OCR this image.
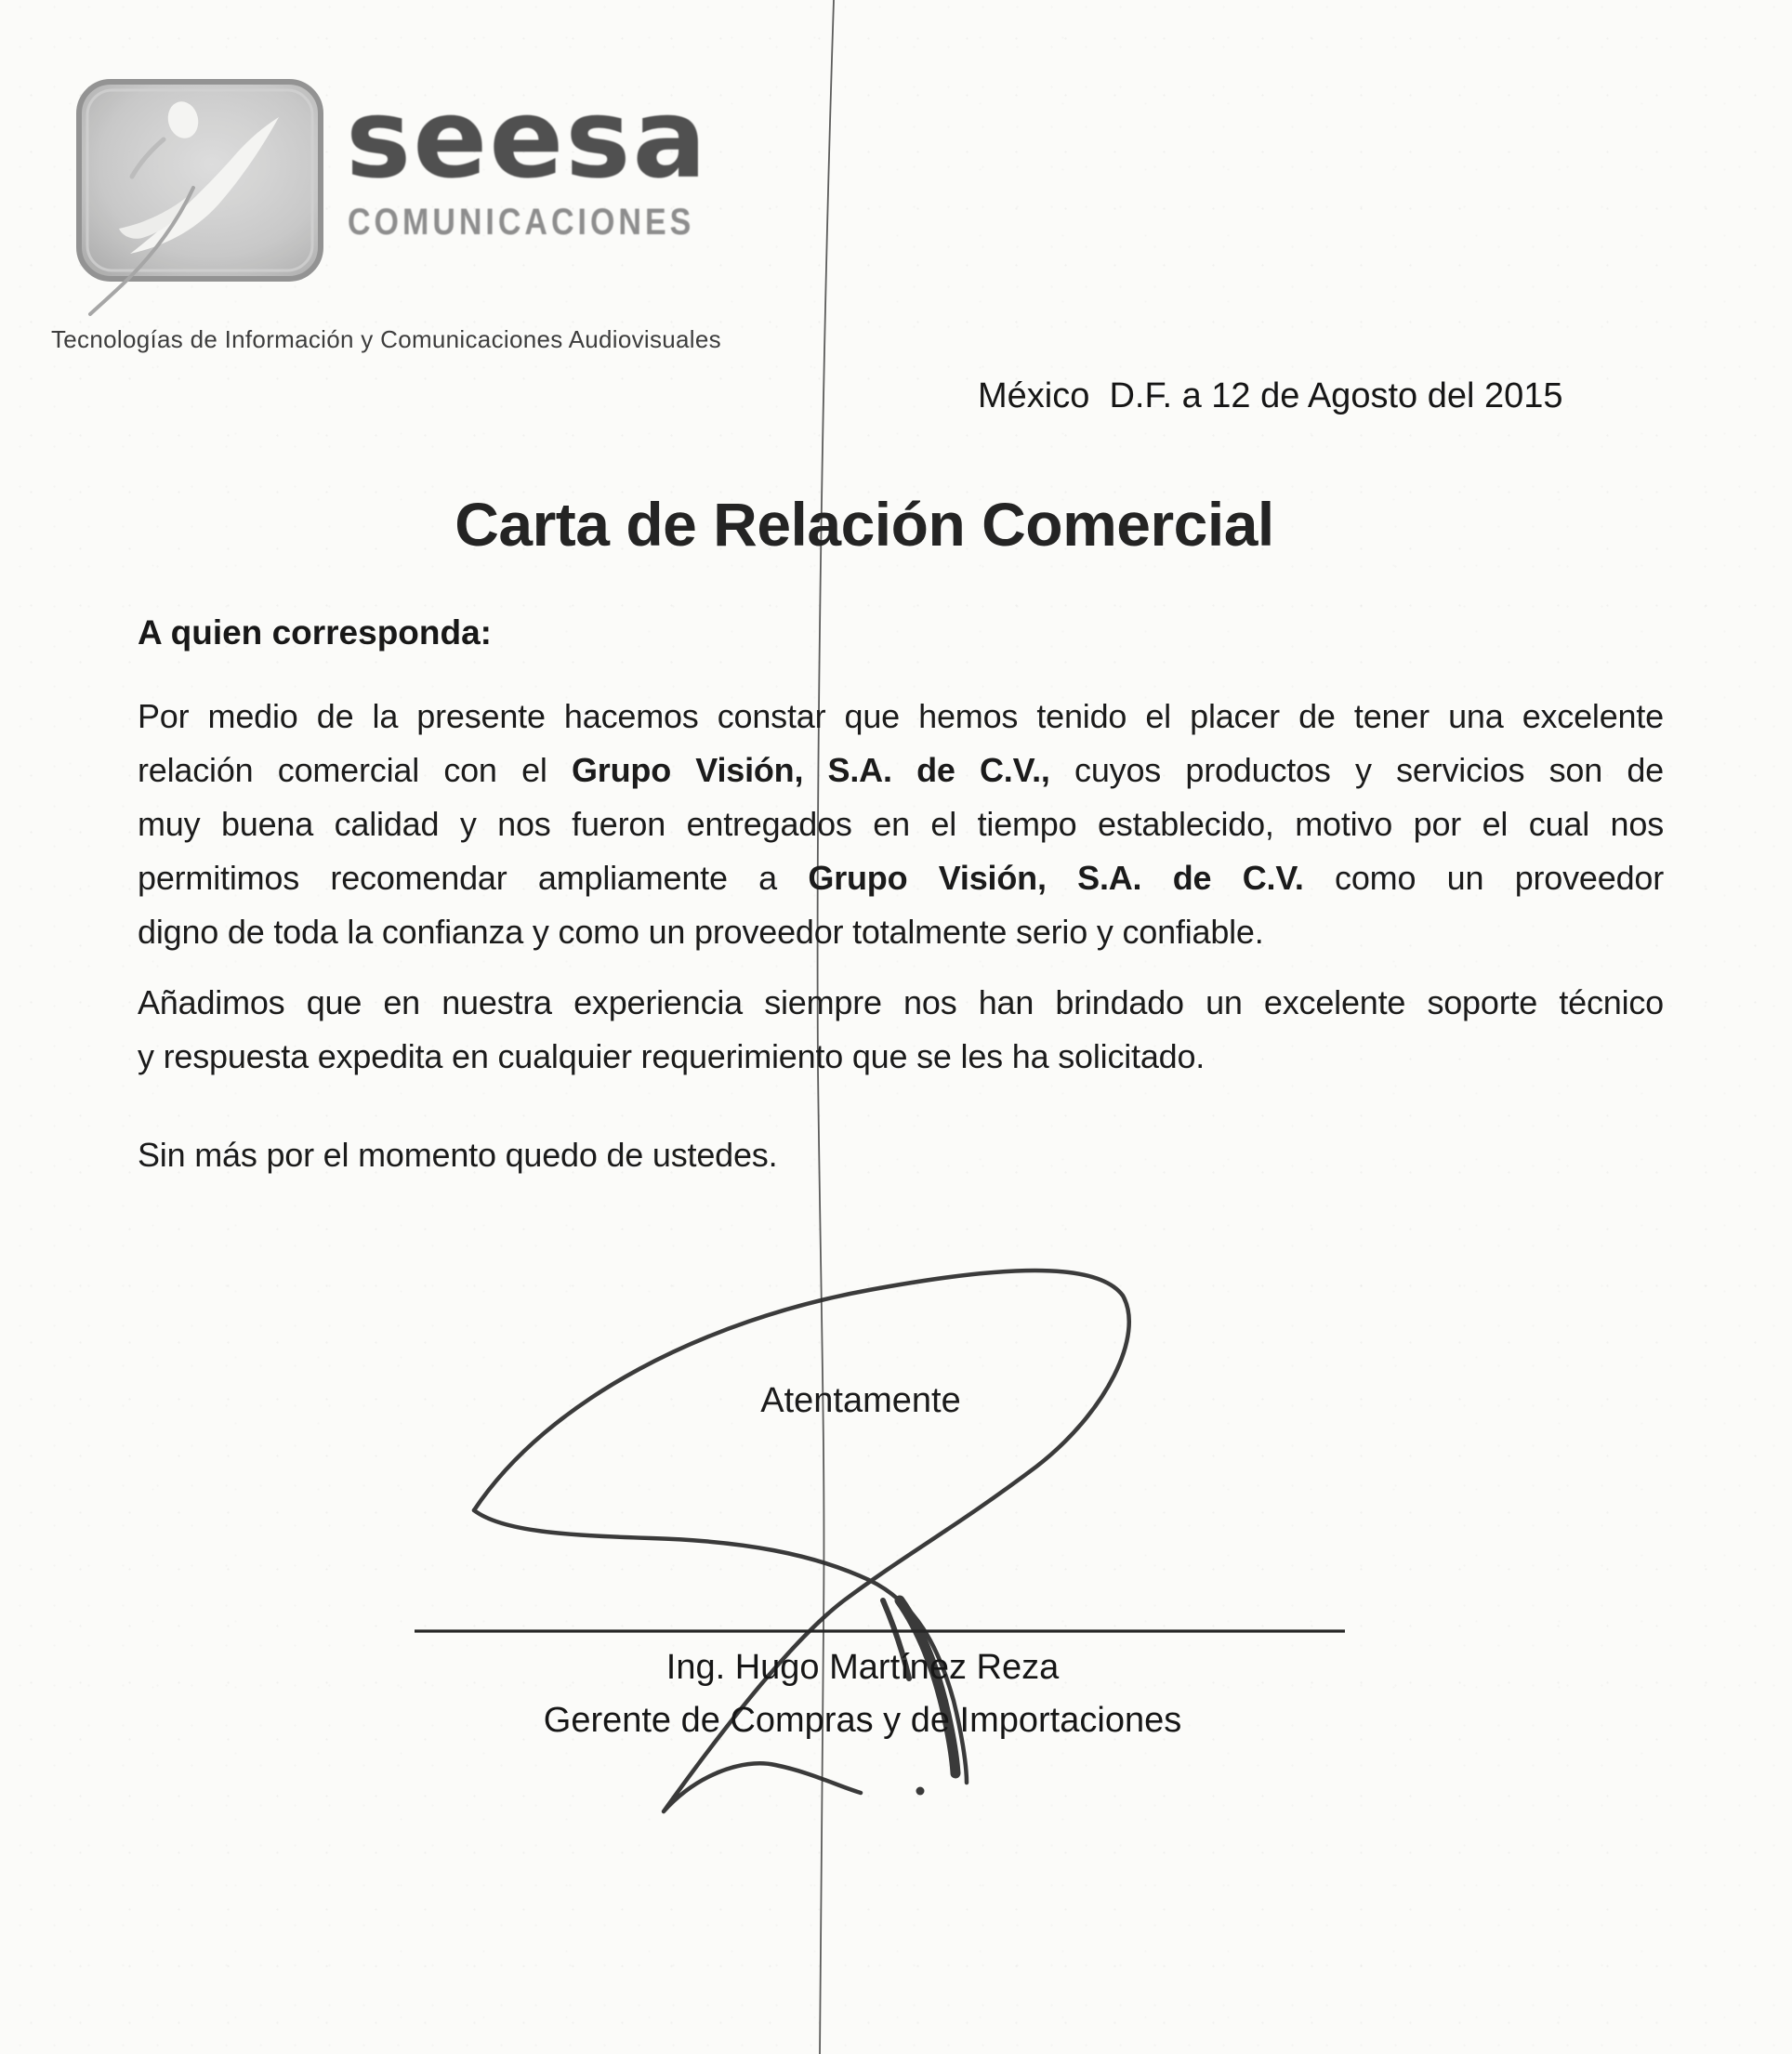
seesa
COMUNICACIONES
Tecnologías de Información y Comunicaciones Audiovisuales
México  D.F. a 12 de Agosto del 2015
Carta de Relación Comercial
A quien corresponda:
Por medio de la presente hacemos constar que hemos tenido el placer de tener una excelente
relación comercial con el Grupo Visión, S.A. de C.V., cuyos productos y servicios son de
muy buena calidad y nos fueron entregados en el tiempo establecido, motivo por el cual nos
permitimos recomendar ampliamente a Grupo Visión, S.A. de C.V. como un proveedor
digno de toda la confianza y como un proveedor totalmente serio y confiable.
Añadimos que en nuestra experiencia siempre nos han brindado un excelente soporte técnico
y respuesta expedita en cualquier requerimiento que se les ha solicitado.
Sin más por el momento quedo de ustedes.
Atentamente
Ing. Hugo Martínez Reza
Gerente de Compras y de Importaciones
